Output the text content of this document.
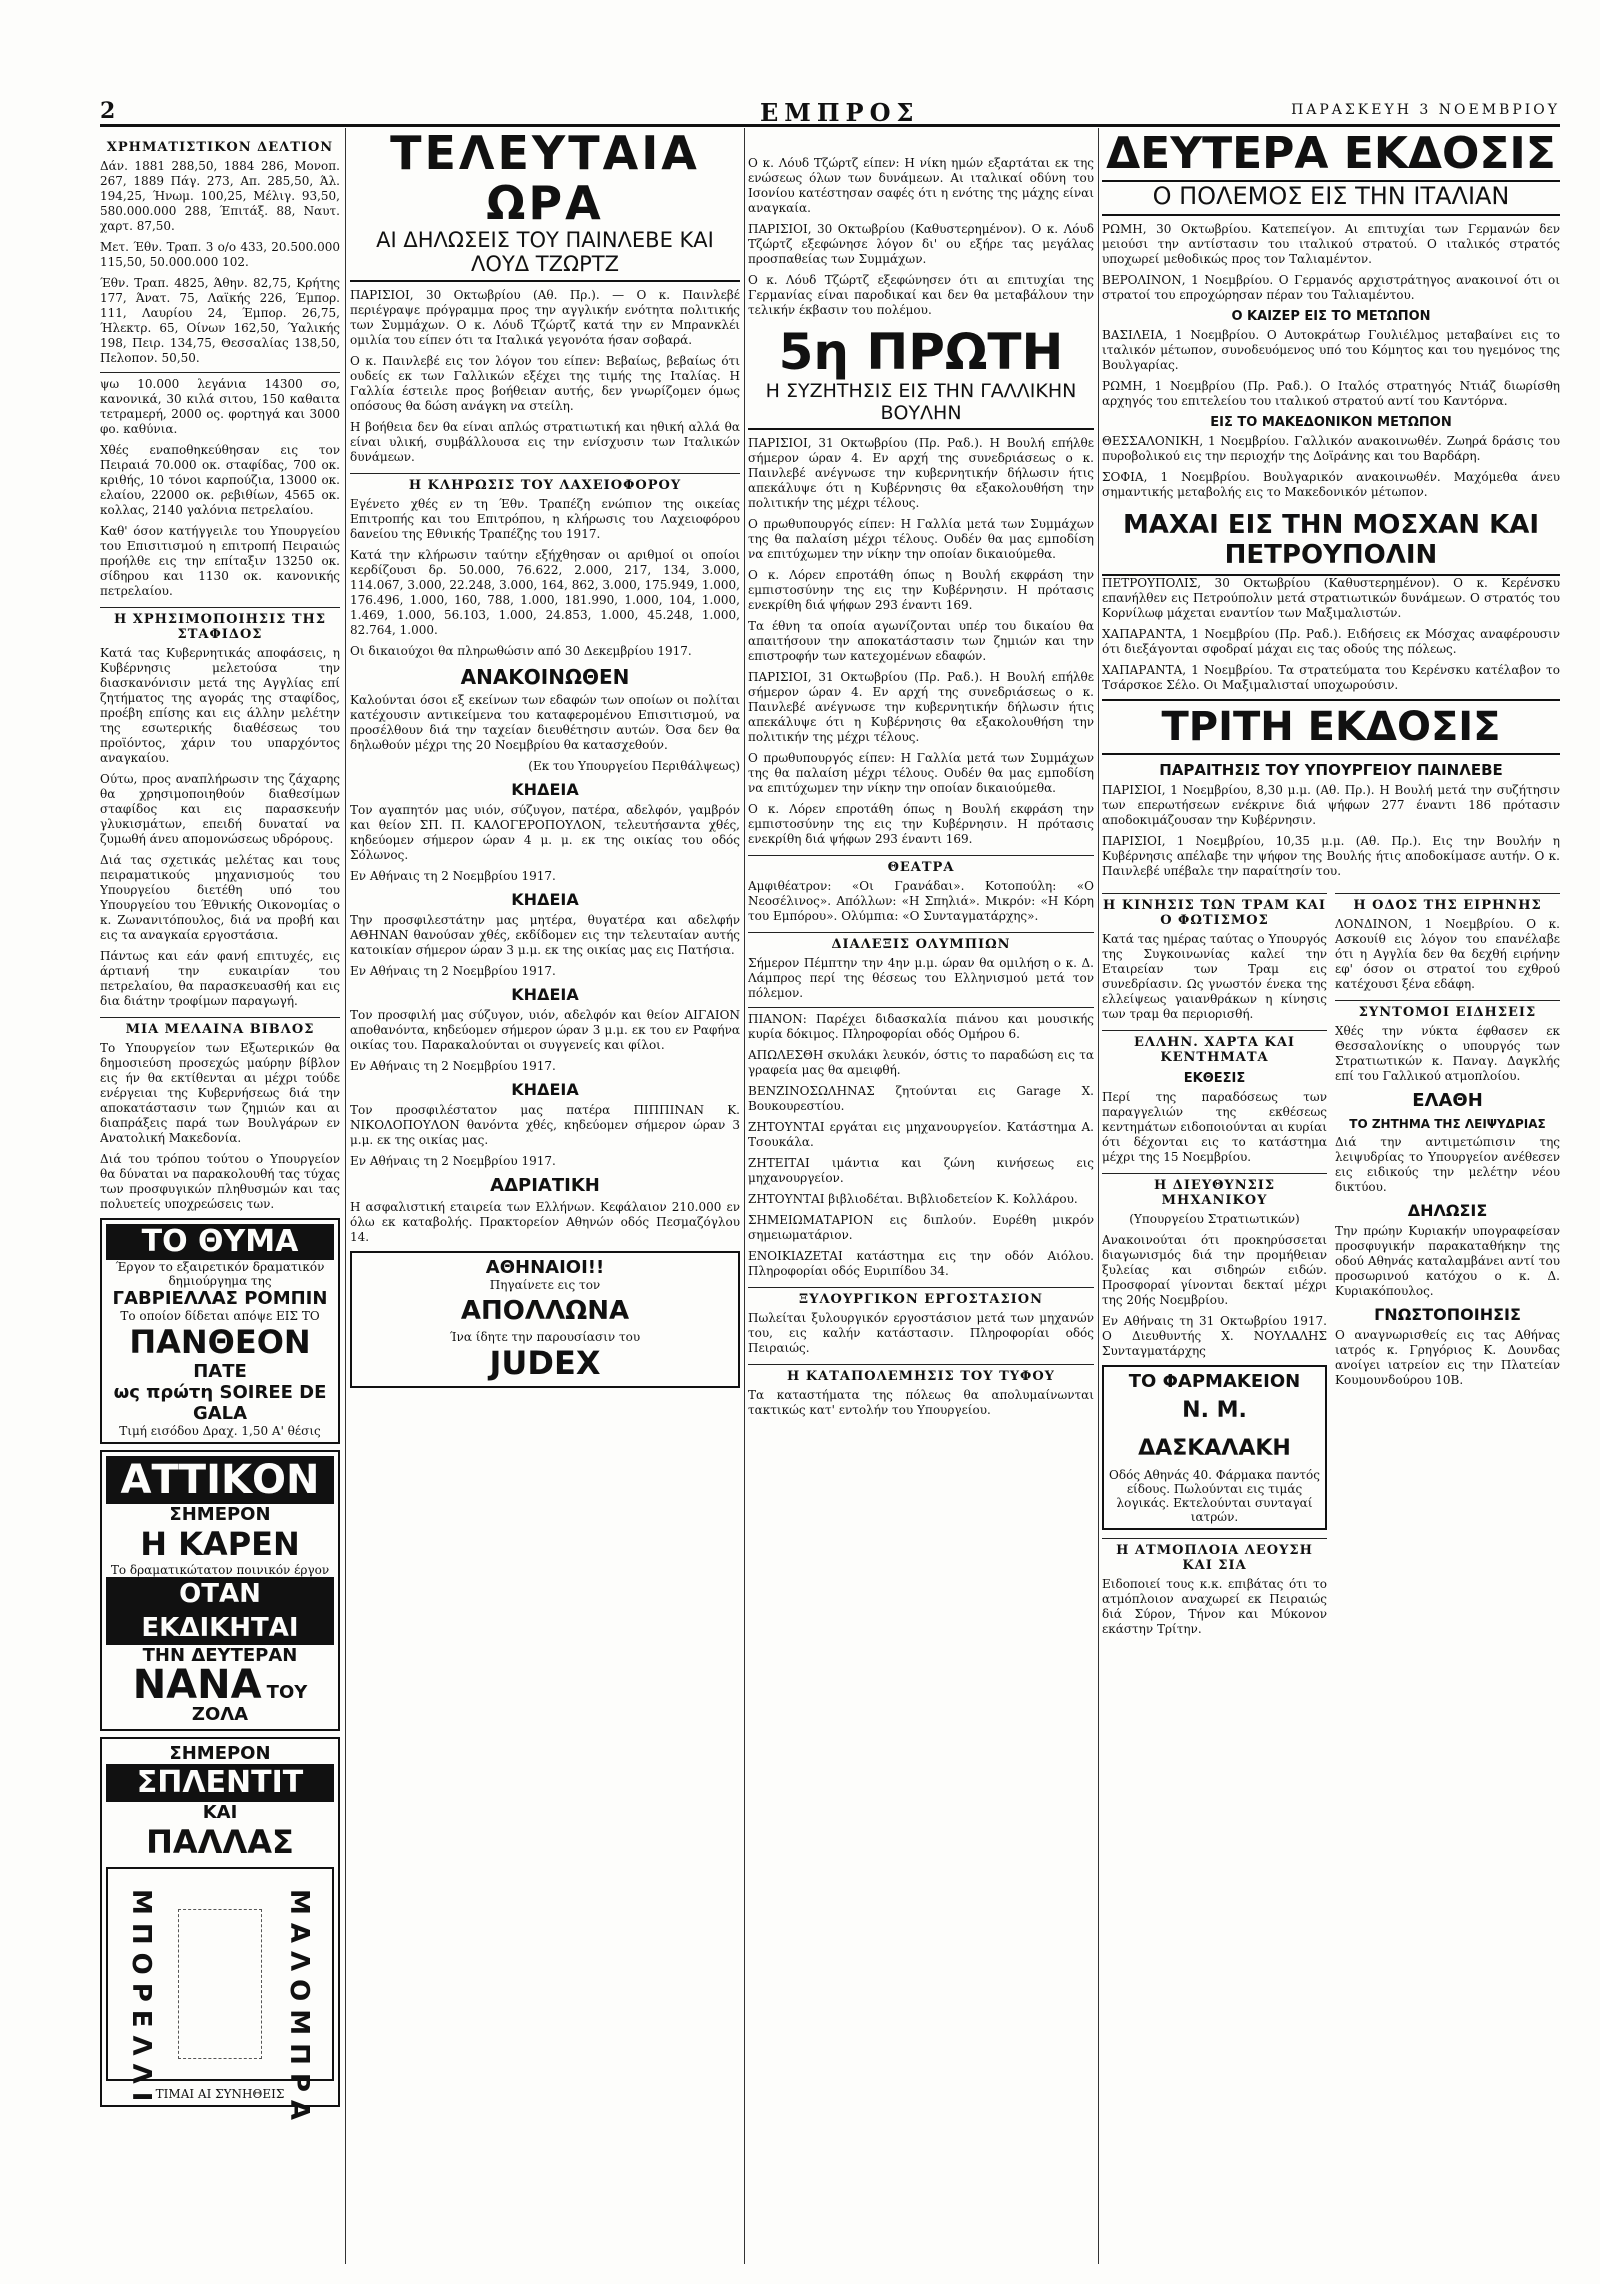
2	ΕΜΠΡΟΣ	ΠΑΡΑΣΚΕΥΗ 3 ΝΟΕΜΒΡΙΟΥ
ΧΡΗΜΑΤΙΣΤΙΚΟΝ ΔΕΛΤΙΟΝ

Δάν. 1881 288,50, 1884 286, Μονοπ. 267, 1889 Πάγ. 273, Απ. 285,50, Άλ. 194,25, Ήνωμ. 100,25, Μέλιγ. 93,50, 580.000.000 288, Έπιτάξ. 88, Ναυτ. χαρτ. 87,50.

Μετ. Έθν. Τραπ. 3 ο/ο 433, 20.500.000 115,50, 50.000.000 102.

Έθν. Τραπ. 4825, Άθην. 82,75, Κρήτης 177, Άνατ. 75, Λαϊκής 226, Έμπορ. 111, Λαυρίου 24, Έμπορ. 26,75, Ήλεκτρ. 65, Οίνων 162,50, Ύαλικής 198, Πειρ. 134,75, Θεσσαλίας 138,50, Πελοπον. 50,50.

ψω 10.000 λεγάνια 14300 σο, κανονικά, 30 κιλά σιτου, 150 καθαιτα τετραμερή, 2000 ος. φορτηγά και 3000 φο. καθύνια.

Χθές εναποθηκεύθησαν εις τον Πειραιά 70.000 οκ. σταφίδας, 700 οκ. κριθής, 10 τόνοι καρπούζια, 13000 οκ. ελαίου, 22000 οκ. ρεβιθίων, 4565 οκ. κολλας, 2140 γαλόνια πετρελαίου.

Καθ' όσον κατήγγειλε του Υπουργείου του Επισιτισμού η επιτροπή Πειραιώς προήλθε εις την επίταξιν 13250 οκ. σίδηρου και 1130 οκ. κανονικής πετρελαίου.

Η ΧΡΗΣΙΜΟΠΟΙΗΣΙΣ ΤΗΣ ΣΤΑΦΙΔΟΣ

Κατά τας Κυβερνητικάς αποφάσεις, η Κυβέρνησις μελετούσα την διασκανόνισιν μετά της Αγγλίας επί ζητήματος της αγοράς της σταφίδος, προέβη επίσης και εις άλλην μελέτην της εσωτερικής διαθέσεως του προϊόντος, χάριν του υπαρχόντος αναγκαίου.

Ούτω, προς αναπλήρωσιν της ζάχαρης θα χρησιμοποιηθούν διαθεσίμων σταφίδος και εις παρασκευήν γλυκισμάτων, επειδή δυναταί να ζυμωθή άνευ απομονώσεως υδρόρους.

Διά τας σχετικάς μελέτας και τους πειραματικούς μηχανισμούς του Υπουργείου διετέθη υπό του Υπουργείου του Έθνικής Οικονομίας ο κ. Ζωνανιτόπουλος, διά να προβή και εις τα αναγκαία εργοστάσια.

Πάντως και εάν φανή επιτυχές, εις άρτιανή την ευκαιρίαν του πετρελαίου, θα παρασκευασθή και εις δια διάτην τροφίμων παραγωγή.

ΜΙΑ ΜΕΛΑΙΝΑ ΒΙΒΛΟΣ

Το Υπουργείον των Εξωτερικών θα δημοσιεύση προσεχώς μαύρην βίβλον εις ήν θα εκτίθενται αι μέχρι τούδε ενέργειαι της Κυβερνήσεως διά την αποκατάστασιν των ζημιών και αι διαπράξεις παρά των Βουλγάρων εν Ανατολική Μακεδονία.

Διά του τρόπου τούτου ο Υπουργείον θα δύναται να παρακολουθή τας τύχας των προσφυγικών πληθυσμών και τας πολυετείς υποχρεώσεις των.

ΤΟ ΘΥΜΑ
Έργον το εξαιρετικόν δραματικόν δημιούργημα της
ΓΑΒΡΙΕΛΛΑΣ ΡΟΜΠΙΝ
Το οποίον δίδεται απόψε ΕΙΣ ΤΟ
ΠΑΝΘΕΟΝ ΠΑΤΕ
ως πρώτη SOIREE DE GALA
Τιμή εισόδου Δραχ. 1,50 Α' θέσις
ΑΤΤΙΚΟΝ
ΣΗΜΕΡΟΝ
Η ΚΑΡΕΝ
Το δραματικώτατον ποινικόν έργον
ΟΤΑΝ ΕΚΔΙΚΗΤΑΙ
ΤΗΝ ΔΕΥΤΕΡΑΝ
ΝΑΝΑ ΤΟΥ ΖΟΛΑ
ΣΗΜΕΡΟΝ
ΣΠΛΕΝΤΙΤ
ΚΑΙ
ΠΑΛΛΑΣ
ΜΠΟΡΕΛΛΙ	ΜΑΛΟΜΠΡΑ
ΤΙΜΑΙ ΑΙ ΣΥΝΗΘΕΙΣ
ΤΕΛΕΥΤΑΙΑ ΩΡΑ
ΑΙ ΔΗΛΩΣΕΙΣ ΤΟΥ ΠΑΙΝΛΕΒΕ ΚΑΙ ΛΟΥΔ ΤΖΩΡΤΖ

ΠΑΡΙΣΙΟΙ, 30 Οκτωβρίου (Αθ. Πρ.). — Ο κ. Παινλεβέ περιέγραψε πρόγραμμα προς την αγγλικήν ενότητα πολιτικής των Συμμάχων. Ο κ. Λόυδ Τζώρτζ κατά την εν Μπρανκλέι ομιλία του είπεν ότι τα Ιταλικά γεγονότα ήσαν σοβαρά.

Ο κ. Παινλεβέ εις τον λόγον του είπεν: Βεβαίως, βεβαίως ότι ουδείς εκ των Γαλλικών εξέχει της τιμής της Ιταλίας. Η Γαλλία έστειλε προς βοήθειαν αυτής, δεν γνωρίζομεν όμως οπόσους θα δώση ανάγκη να στείλη.

Η βοήθεια δεν θα είναι απλώς στρατιωτική και ηθική αλλά θα είναι υλική, συμβάλλουσα εις την ενίσχυσιν των Ιταλικών δυνάμεων.

Η ΚΛΗΡΩΣΙΣ ΤΟΥ ΛΑΧΕΙΟΦΟΡΟΥ

Εγένετο χθές εν τη Έθν. Τραπέζη ενώπιον της οικείας Επιτροπής και του Επιτρόπου, η κλήρωσις του Λαχειοφόρου δανείου της Εθνικής Τραπέζης του 1917.

Κατά την κλήρωσιν ταύτην εξήχθησαν οι αριθμοί οι οποίοι κερδίζουσι δρ. 50.000, 76.622, 2.000, 217, 134, 3.000, 114.067, 3.000, 22.248, 3.000, 164, 862, 3.000, 175.949, 1.000, 176.496, 1.000, 160, 788, 1.000, 181.990, 1.000, 104, 1.000, 1.469, 1.000, 56.103, 1.000, 24.853, 1.000, 45.248, 1.000, 82.764, 1.000.

Οι δικαιούχοι θα πληρωθώσιν από 30 Δεκεμβρίου 1917.

ΑΝΑΚΟΙΝΩΘΕΝ

Καλούνται όσοι εξ εκείνων των εδαφών των οποίων οι πολίται κατέχουσιν αντικείμενα του καταφερομένου Επισιτισμού, να προσέλθουν διά την ταχείαν διευθέτησιν αυτών. Όσα δεν θα δηλωθούν μέχρι της 20 Νοεμβρίου θα κατασχεθούν.

(Εκ του Υπουργείου Περιθάλψεως)

ΚΗΔΕΙΑ

Τον αγαπητόν μας υιόν, σύζυγον, πατέρα, αδελφόν, γαμβρόν και θείον ΣΠ. Π. ΚΑΛΟΓΕΡΟΠΟΥΛΟΝ, τελευτήσαντα χθές, κηδεύομεν σήμερον ώραν 4 μ. μ. εκ της οικίας του οδός Σόλωνος.

Εν Αθήναις τη 2 Νοεμβρίου 1917.

ΚΗΔΕΙΑ

Την προσφιλεστάτην μας μητέρα, θυγατέρα και αδελφήν ΑΘΗΝΑΝ θανούσαν χθές, εκδίδομεν εις την τελευταίαν αυτής κατοικίαν σήμερον ώραν 3 μ.μ. εκ της οικίας μας εις Πατήσια.

Εν Αθήναις τη 2 Νοεμβρίου 1917.

ΚΗΔΕΙΑ

Τον προσφιλή μας σύζυγον, υιόν, αδελφόν και θείον ΑΙΓΑΙΟΝ αποθανόντα, κηδεύομεν σήμερον ώραν 3 μ.μ. εκ του εν Ραφήνα οικίας του. Παρακαλούνται οι συγγενείς και φίλοι.

Εν Αθήναις τη 2 Νοεμβρίου 1917.

ΚΗΔΕΙΑ

Τον προσφιλέστατον μας πατέρα ΠΙΠΠΙΝΑΝ Κ. ΝΙΚΟΛΟΠΟΥΛΟΝ θανόντα χθές, κηδεύομεν σήμερον ώραν 3 μ.μ. εκ της οικίας μας.

Εν Αθήναις τη 2 Νοεμβρίου 1917.

ΑΔΡΙΑΤΙΚΗ

Η ασφαλιστική εταιρεία των Ελλήνων. Κεφάλαιον 210.000 εν όλω εκ καταβολής. Πρακτορείον Αθηνών οδός Πεσμαζόγλου 14.

ΑΘΗΝΑΙΟΙ!!
Πηγαίνετε εις τον
ΑΠΟΛΛΩΝΑ
Ίνα ίδητε την παρουσίασιν του
JUDEX

Ο κ. Λόυδ Τζώρτζ είπεν: Η νίκη ημών εξαρτάται εκ της ενώσεως όλων των δυνάμεων. Αι ιταλικαί οδύνη του Ισονίου κατέστησαν σαφές ότι η ενότης της μάχης είναι αναγκαία.

ΠΑΡΙΣΙΟΙ, 30 Οκτωβρίου (Καθυστερημένον). Ο κ. Λόυδ Τζώρτζ εξεφώνησε λόγον δι' ου εξήρε τας μεγάλας προσπαθείας των Συμμάχων.

Ο κ. Λόυδ Τζώρτζ εξεφώνησεν ότι αι επιτυχίαι της Γερμανίας είναι παροδικαί και δεν θα μεταβάλουν την τελικήν έκβασιν του πολέμου.

5η ΠΡΩΤΗ
Η ΣΥΖΗΤΗΣΙΣ ΕΙΣ ΤΗΝ ΓΑΛΛΙΚΗΝ ΒΟΥΛΗΝ

ΠΑΡΙΣΙΟΙ, 31 Οκτωβρίου (Πρ. Ραδ.). Η Βουλή επήλθε σήμερον ώραν 4. Εν αρχή της συνεδριάσεως ο κ. Παινλεβέ ανέγνωσε την κυβερνητικήν δήλωσιν ήτις απεκάλυψε ότι η Κυβέρνησις θα εξακολουθήση την πολιτικήν της μέχρι τέλους.

Ο πρωθυπουργός είπεν: Η Γαλλία μετά των Συμμάχων της θα παλαίση μέχρι τέλους. Ουδέν θα μας εμποδίση να επιτύχωμεν την νίκην την οποίαν δικαιούμεθα.

Ο κ. Λόρεν επροτάθη όπως η Βουλή εκφράση την εμπιστοσύνην της εις την Κυβέρνησιν. Η πρότασις ενεκρίθη διά ψήφων 293 έναντι 169.

Τα έθνη τα οποία αγωνίζονται υπέρ του δικαίου θα απαιτήσουν την αποκατάστασιν των ζημιών και την επιστροφήν των κατεχομένων εδαφών.

ΠΑΡΙΣΙΟΙ, 31 Οκτωβρίου (Πρ. Ραδ.). Η Βουλή επήλθε σήμερον ώραν 4. Εν αρχή της συνεδριάσεως ο κ. Παινλεβέ ανέγνωσε την κυβερνητικήν δήλωσιν ήτις απεκάλυψε ότι η Κυβέρνησις θα εξακολουθήση την πολιτικήν της μέχρι τέλους.

Ο πρωθυπουργός είπεν: Η Γαλλία μετά των Συμμάχων της θα παλαίση μέχρι τέλους. Ουδέν θα μας εμποδίση να επιτύχωμεν την νίκην την οποίαν δικαιούμεθα.

Ο κ. Λόρεν επροτάθη όπως η Βουλή εκφράση την εμπιστοσύνην της εις την Κυβέρνησιν. Η πρότασις ενεκρίθη διά ψήφων 293 έναντι 169.

ΘΕΑΤΡΑ

Αμφιθέατρον: «Οι Γρανάδαι». Κοτοπούλη: «Ο Νεοσέλινος». Απόλλων: «Η Σπηλιά». Μικρόν: «Η Κόρη του Εμπόρου». Ολύμπια: «Ο Συνταγματάρχης».

ΔΙΑΛΕΞΙΣ ΟΛΥΜΠΙΩΝ

Σήμερον Πέμπτην την 4ην μ.μ. ώραν θα ομιλήση ο κ. Δ. Λάμπρος περί της θέσεως του Ελληνισμού μετά τον πόλεμον.

ΠΙΑΝΟΝ: Παρέχει διδασκαλία πιάνου και μουσικής κυρία δόκιμος. Πληροφορίαι οδός Ομήρου 6.

ΑΠΩΛΕΣΘΗ σκυλάκι λευκόν, όστις το παραδώση εις τα γραφεία μας θα αμειφθή.

ΒΕΝΖΙΝΟΣΩΛΗΝΑΣ ζητούνται εις Garage Χ. Βουκουρεστίου.

ΖΗΤΟΥΝΤΑΙ εργάται εις μηχανουργείον. Κατάστημα Α. Τσουκάλα.

ΖΗΤΕΙΤΑΙ ιμάντια και ζώνη κινήσεως εις μηχανουργείον.

ΖΗΤΟΥΝΤΑΙ βιβλιοδέται. Βιβλιοδετείον Κ. Κολλάρου.

ΣΗΜΕΙΩΜΑΤΑΡΙΟΝ εις διπλούν. Ευρέθη μικρόν σημειωματάριον.

ΕΝΟΙΚΙΑΖΕΤΑΙ κατάστημα εις την οδόν Αιόλου. Πληροφορίαι οδός Ευριπίδου 34.

ΞΥΛΟΥΡΓΙΚΟΝ ΕΡΓΟΣΤΑΣΙΟΝ

Πωλείται ξυλουργικόν εργοστάσιον μετά των μηχανών του, εις καλήν κατάστασιν. Πληροφορίαι οδός Πειραιώς.

Η ΚΑΤΑΠΟΛΕΜΗΣΙΣ ΤΟΥ ΤΥΦΟΥ

Τα καταστήματα της πόλεως θα απολυμαίνωνται τακτικώς κατ' εντολήν του Υπουργείου.

ΔΕΥΤΕΡΑ ΕΚΔΟΣΙΣ
Ο ΠΟΛΕΜΟΣ ΕΙΣ ΤΗΝ ΙΤΑΛΙΑΝ

ΡΩΜΗ, 30 Οκτωβρίου. Κατεπείγον. Αι επιτυχίαι των Γερμανών δεν μειούσι την αντίστασιν του ιταλικού στρατού. Ο ιταλικός στρατός υποχωρεί μεθοδικώς προς τον Ταλιαμέντον.

ΒΕΡΟΛΙΝΟΝ, 1 Νοεμβρίου. Ο Γερμανός αρχιστράτηγος ανακοινοί ότι οι στρατοί του επροχώρησαν πέραν του Ταλιαμέντου.

Ο ΚΑΙΖΕΡ ΕΙΣ ΤΟ ΜΕΤΩΠΟΝ

ΒΑΣΙΛΕΙΑ, 1 Νοεμβρίου. Ο Αυτοκράτωρ Γουλιέλμος μεταβαίνει εις το ιταλικόν μέτωπον, συνοδευόμενος υπό του Κόμητος και του ηγεμόνος της Βουλγαρίας.

ΡΩΜΗ, 1 Νοεμβρίου (Πρ. Ραδ.). Ο Ιταλός στρατηγός Ντιάζ διωρίσθη αρχηγός του επιτελείου του ιταλικού στρατού αντί του Καντόρνα.

ΕΙΣ ΤΟ ΜΑΚΕΔΟΝΙΚΟΝ ΜΕΤΩΠΟΝ

ΘΕΣΣΑΛΟΝΙΚΗ, 1 Νοεμβρίου. Γαλλικόν ανακοινωθέν. Ζωηρά δράσις του πυροβολικού εις την περιοχήν της Δοϊράνης και του Βαρδάρη.

ΣΟΦΙΑ, 1 Νοεμβρίου. Βουλγαρικόν ανακοινωθέν. Μαχόμεθα άνευ σημαντικής μεταβολής εις το Μακεδονικόν μέτωπον.

ΜΑΧΑΙ ΕΙΣ ΤΗΝ ΜΟΣΧΑΝ ΚΑΙ ΠΕΤΡΟΥΠΟΛΙΝ

ΠΕΤΡΟΥΠΟΛΙΣ, 30 Οκτωβρίου (Καθυστερημένον). Ο κ. Κερένσκυ επανήλθεν εις Πετρούπολιν μετά στρατιωτικών δυνάμεων. Ο στρατός του Κορνίλωφ μάχεται εναντίον των Μαξιμαλιστών.

ΧΑΠΑΡΑΝΤΑ, 1 Νοεμβρίου (Πρ. Ραδ.). Ειδήσεις εκ Μόσχας αναφέρουσιν ότι διεξάγονται σφοδραί μάχαι εις τας οδούς της πόλεως.

ΧΑΠΑΡΑΝΤΑ, 1 Νοεμβρίου. Τα στρατεύματα του Κερένσκυ κατέλαβον το Τσάρσκοε Σέλο. Οι Μαξιμαλισταί υποχωρούσιν.

ΤΡΙΤΗ ΕΚΔΟΣΙΣ
ΠΑΡΑΙΤΗΣΙΣ ΤΟΥ ΥΠΟΥΡΓΕΙΟΥ ΠΑΙΝΛΕΒΕ

ΠΑΡΙΣΙΟΙ, 1 Νοεμβρίου, 8,30 μ.μ. (Αθ. Πρ.). Η Βουλή μετά την συζήτησιν των επερωτήσεων ενέκρινε διά ψήφων 277 έναντι 186 πρότασιν αποδοκιμάζουσαν την Κυβέρνησιν.

ΠΑΡΙΣΙΟΙ, 1 Νοεμβρίου, 10,35 μ.μ. (Αθ. Πρ.). Εις την Βουλήν η Κυβέρνησις απέλαβε την ψήφον της Βουλής ήτις αποδοκίμασε αυτήν. Ο κ. Παινλεβέ υπέβαλε την παραίτησίν του.

Η ΚΙΝΗΣΙΣ ΤΩΝ ΤΡΑΜ ΚΑΙ Ο ΦΩΤΙΣΜΟΣ

Κατά τας ημέρας ταύτας ο Υπουργός της Συγκοινωνίας καλεί την Εταιρείαν των Τραμ εις συνεδρίασιν. Ως γνωστόν ένεκα της ελλείψεως γαιανθράκων η κίνησις των τραμ θα περιορισθή.

ΕΛΛΗΝ. ΧΑΡΤΑ ΚΑΙ ΚΕΝΤΗΜΑΤΑ
ΕΚΘΕΣΙΣ

Περί της παραδόσεως των παραγγελιών της εκθέσεως κεντημάτων ειδοποιούνται αι κυρίαι ότι δέχονται εις το κατάστημα μέχρι της 15 Νοεμβρίου.

Η ΔΙΕΥΘΥΝΣΙΣ ΜΗΧΑΝΙΚΟΥ

(Υπουργείου Στρατιωτικών)

Ανακοινούται ότι προκηρύσσεται διαγωνισμός διά την προμήθειαν ξυλείας και σιδηρών ειδών. Προσφοραί γίνονται δεκταί μέχρι της 20ής Νοεμβρίου.

Εν Αθήναις τη 31 Οκτωβρίου 1917. Ο Διευθυντής Χ. ΝΟΥΛΑΛΗΣ Συνταγματάρχης

ΤΟ ΦΑΡΜΑΚΕΙΟΝ
Ν. Μ. ΔΑΣΚΑΛΑΚΗ
Οδός Αθηνάς 40. Φάρμακα παντός είδους. Πωλούνται εις τιμάς λογικάς. Εκτελούνται συνταγαί ιατρών.
Η ΑΤΜΟΠΛΟΙΑ ΛΕΟΥΣΗ ΚΑΙ ΣΙΑ

Ειδοποιεί τους κ.κ. επιβάτας ότι το ατμόπλοιον αναχωρεί εκ Πειραιώς διά Σύρον, Τήνον και Μύκονον εκάστην Τρίτην.

Η ΟΔΟΣ ΤΗΣ ΕΙΡΗΝΗΣ

ΛΟΝΔΙΝΟΝ, 1 Νοεμβρίου. Ο κ. Ασκουίθ εις λόγον του επανέλαβε ότι η Αγγλία δεν θα δεχθή ειρήνην εφ' όσον οι στρατοί του εχθρού κατέχουσι ξένα εδάφη.

ΣΥΝΤΟΜΟΙ ΕΙΔΗΣΕΙΣ

Χθές την νύκτα έφθασεν εκ Θεσσαλονίκης ο υπουργός των Στρατιωτικών κ. Παναγ. Δαγκλής επί του Γαλλικού ατμοπλοίου.

ΕΛΑΘΗ
ΤΟ ΖΗΤΗΜΑ ΤΗΣ ΛΕΙΨΥΔΡΙΑΣ

Διά την αντιμετώπισιν της λειψυδρίας το Υπουργείον ανέθεσεν εις ειδικούς την μελέτην νέου δικτύου.

ΔΗΛΩΣΙΣ

Την πρώην Κυριακήν υπογραφείσαν προσφυγικήν παρακαταθήκην της οδού Αθηνάς καταλαμβάνει αντί του προσωρινού κατόχου ο κ. Δ. Κυριακόπουλος.

ΓΝΩΣΤΟΠΟΙΗΣΙΣ

Ο αναγνωρισθείς εις τας Αθήνας ιατρός κ. Γρηγόριος Κ. Δουνδας ανοίγει ιατρείον εις την Πλατείαν Κουμουνδούρου 10Β.
